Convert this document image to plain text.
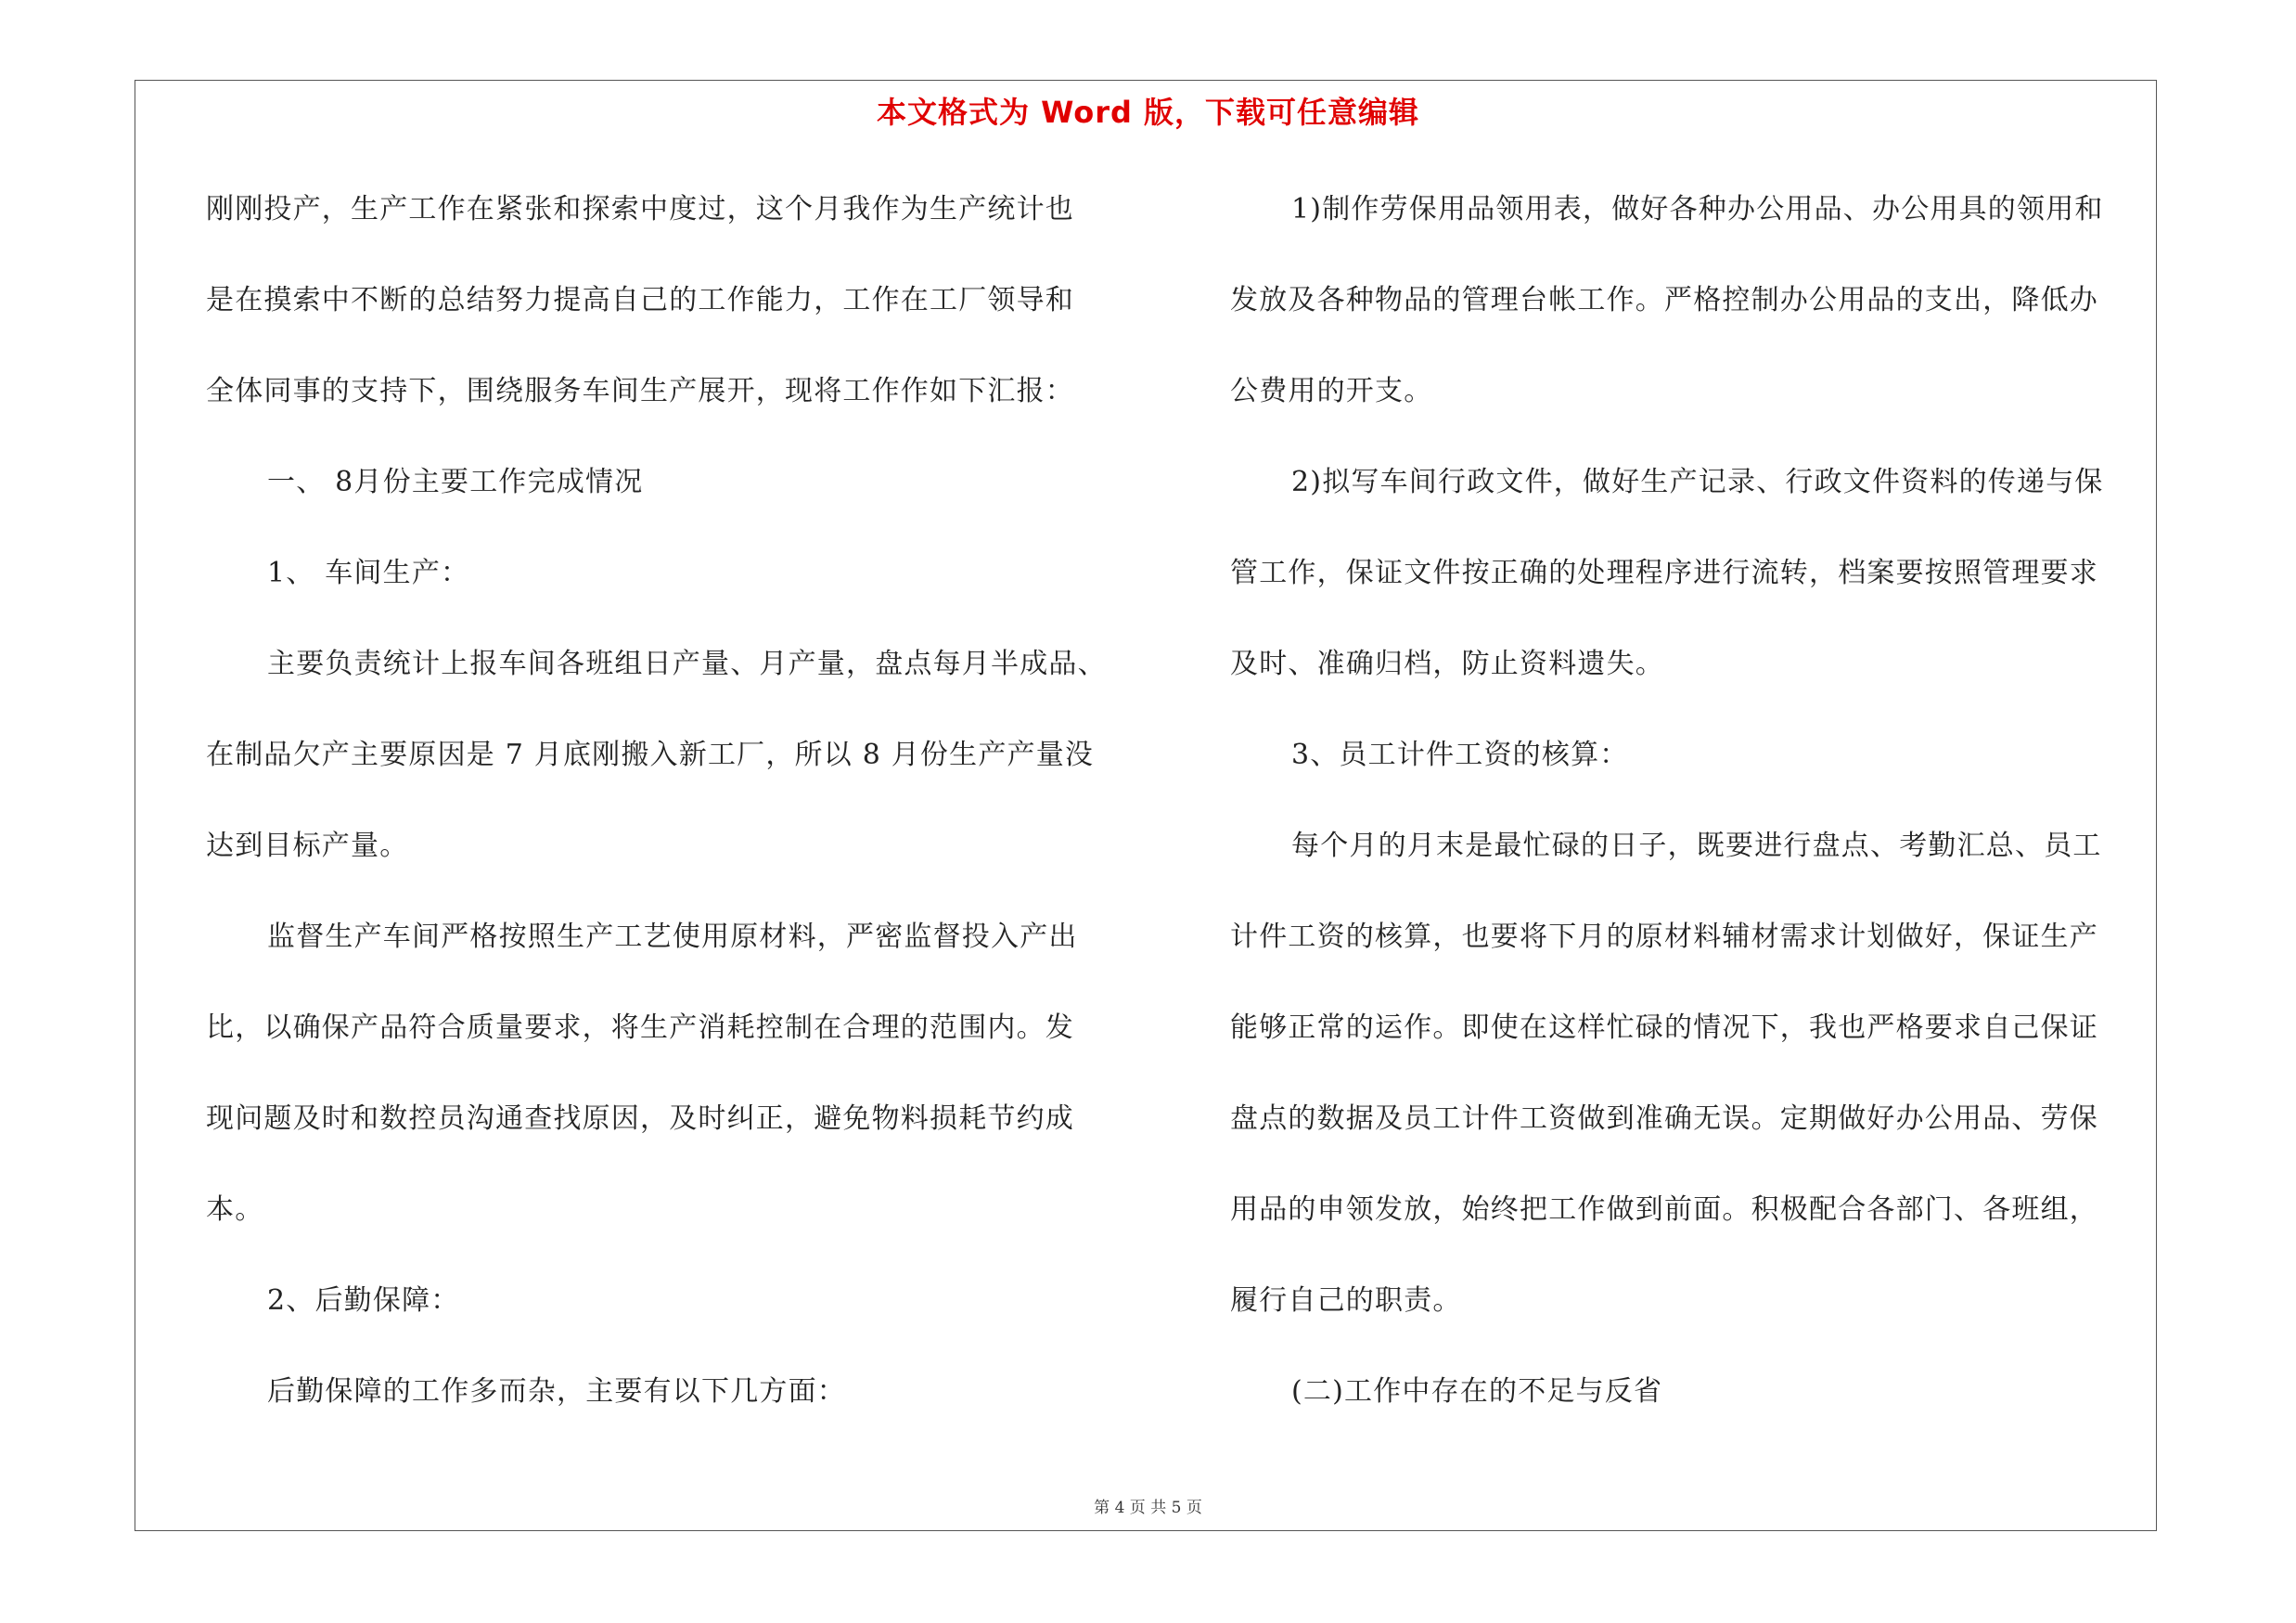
本文格式为 Word 版，下载可任意编辑
刚刚投产，生产工作在紧张和探索中度过，这个月我作为生产统计也
是在摸索中不断的总结努力提高自己的工作能力，工作在工厂领导和
全体同事的支持下，围绕服务车间生产展开，现将工作作如下汇报：
一、 8月份主要工作完成情况
1、 车间生产：
主要负责统计上报车间各班组日产量、月产量，盘点每月半成品、
在制品欠产主要原因是 7 月底刚搬入新工厂，所以 8 月份生产产量没
达到目标产量。
监督生产车间严格按照生产工艺使用原材料，严密监督投入产出
比，以确保产品符合质量要求，将生产消耗控制在合理的范围内。发
现问题及时和数控员沟通查找原因，及时纠正，避免物料损耗节约成
本。
2、后勤保障：
后勤保障的工作多而杂，主要有以下几方面：
1)制作劳保用品领用表，做好各种办公用品、办公用具的领用和
发放及各种物品的管理台帐工作。严格控制办公用品的支出，降低办
公费用的开支。
2)拟写车间行政文件，做好生产记录、行政文件资料的传递与保
管工作，保证文件按正确的处理程序进行流转，档案要按照管理要求
及时、准确归档，防止资料遗失。
3、员工计件工资的核算：
每个月的月末是最忙碌的日子，既要进行盘点、考勤汇总、员工
计件工资的核算，也要将下月的原材料辅材需求计划做好，保证生产
能够正常的运作。即使在这样忙碌的情况下，我也严格要求自己保证
盘点的数据及员工计件工资做到准确无误。定期做好办公用品、劳保
用品的申领发放，始终把工作做到前面。积极配合各部门、各班组，
履行自己的职责。
(二)工作中存在的不足与反省
第 4 页 共 5 页
